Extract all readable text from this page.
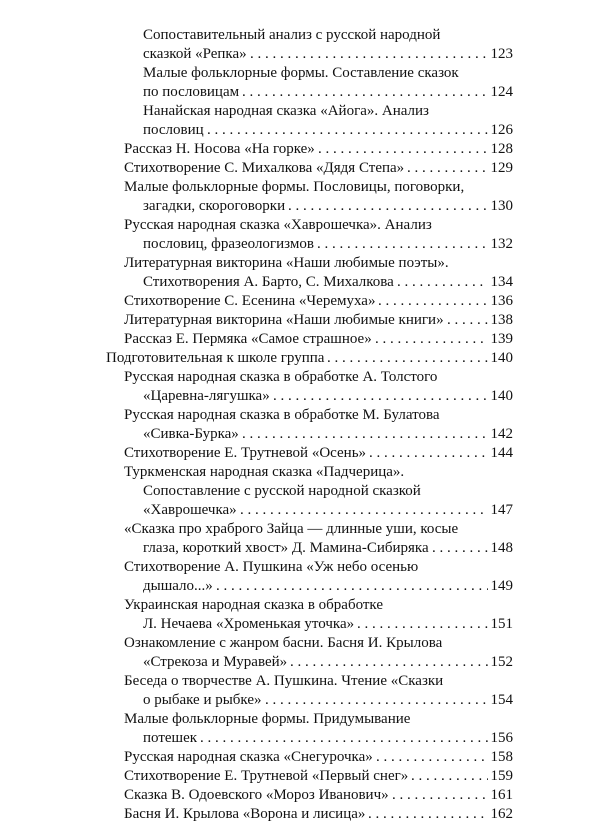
Сопоставительный анализ с русской народной
сказкой «Репка» . . .	123
Малые фольклорные формы. Составление сказок
по пословицам . . .	124
Нанайская народная сказка «Айога». Анализ
пословиц . . .	126
Рассказ Н. Носова «На горке» . . .	128
Стихотворение С. Михалкова «Дядя Степа» . . .	129
Малые фольклорные формы. Пословицы, поговорки,
загадки, скороговорки . . .	130
Русская народная сказка «Хаврошечка». Анализ
пословиц, фразеологизмов . . .	132
Литературная викторина «Наши любимые поэты».
Стихотворения А. Барто, С. Михалкова . . .	134
Стихотворение С. Есенина «Черемуха» . . .	136
Литературная викторина «Наши любимые книги» . . .	138
Рассказ Е. Пермяка «Самое страшное» . . .	139
Подготовительная к школе группа . . .	140
Русская народная сказка в обработке А. Толстого
«Царевна-лягушка» . . .	140
Русская народная сказка в обработке М. Булатова
«Сивка-Бурка» . . .	142
Стихотворение Е. Трутневой «Осень» . . .	144
Туркменская народная сказка «Падчерица».
Сопоставление с русской народной сказкой
«Хаврошечка» . . .	147
«Сказка про храброго Зайца — длинные уши, косые
глаза, короткий хвост» Д. Мамина-Сибиряка . . .	148
Стихотворение А. Пушкина «Уж небо осенью
дышало...» . . .	149
Украинская народная сказка в обработке
Л. Нечаева «Хроменькая уточка» . . .	151
Ознакомление с жанром басни. Басня И. Крылова
«Стрекоза и Муравей» . . .	152
Беседа о творчестве А. Пушкина. Чтение «Сказки
о рыбаке и рыбке» . . .	154
Малые фольклорные формы. Придумывание
потешек . . .	156
Русская народная сказка «Снегурочка» . . .	158
Стихотворение Е. Трутневой «Первый снег» . . .	159
Сказка В. Одоевского «Мороз Иванович» . . .	161
Басня И. Крылова «Ворона и лисица» . . .	162
